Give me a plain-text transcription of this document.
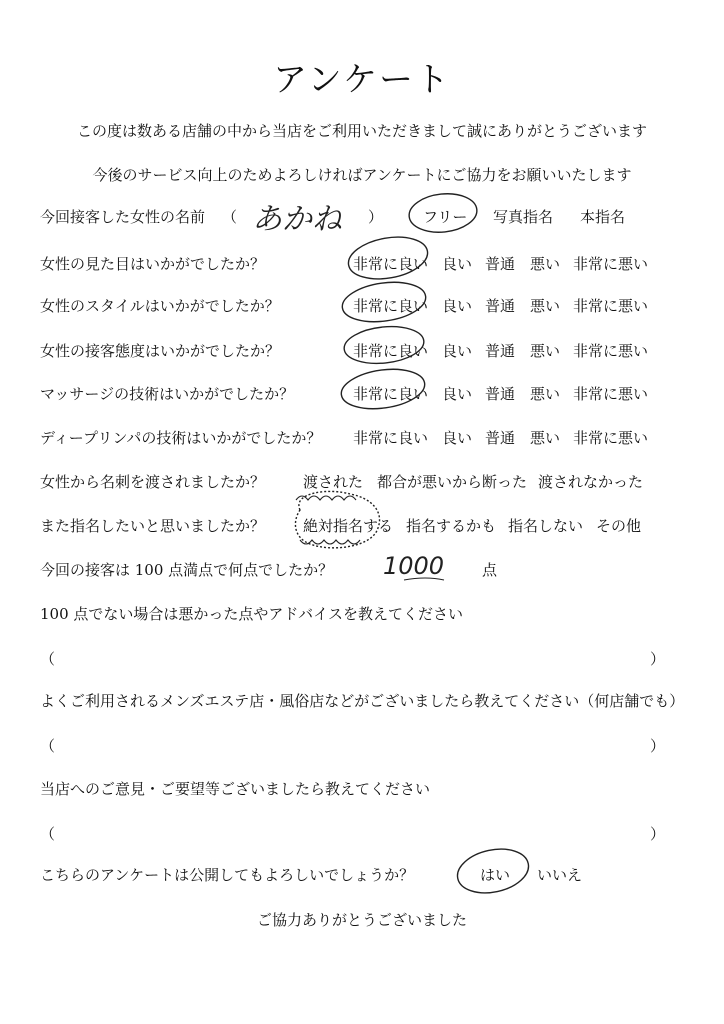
アンケート
この度は数ある店舗の中から当店をご利用いただきまして誠にありがとうございます
今後のサービス向上のためよろしければアンケートにご協力をお願いいたします
今回接客した女性の名前 （ あかね ）	フリー 写真指名 本指名
女性の見た目はいかがでしたか？	非常に良い 良い 普通 悪い 非常に悪い
女性のスタイルはいかがでしたか？	非常に良い 良い 普通 悪い 非常に悪い
女性の接客態度はいかがでしたか？	非常に良い 良い 普通 悪い 非常に悪い
マッサージの技術はいかがでしたか？	非常に良い 良い 普通 悪い 非常に悪い
ディープリンパの技術はいかがでしたか？ 非常に良い 良い 普通 悪い 非常に悪い
女性から名刺を渡されましたか？	渡された 都合が悪いから断った 渡されなかった
また指名したいと思いましたか？	絶対指名する 指名するかも 指名しない その他
今回の接客は 100 点満点で何点でしたか？ 1000	点
100 点でない場合は悪かった点やアドバイスを教えてください
（	）
よくご利用されるメンズエステ店・風俗店などがございましたら教えてください（何店舗でも）
（	）
当店へのご意見・ご要望等ございましたら教えてください
（	）
こちらのアンケートは公開してもよろしいでしょうか？	はい いいえ
ご協力ありがとうございました
